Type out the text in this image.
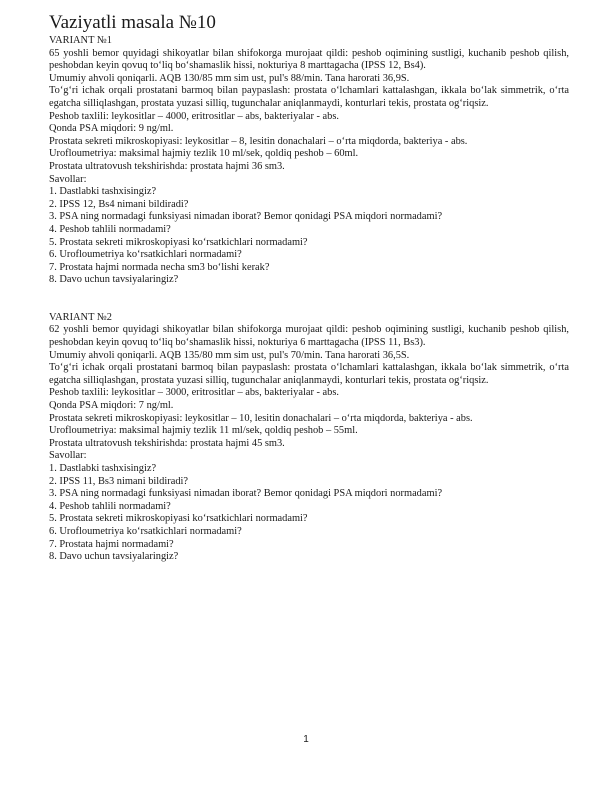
Vaziyatli masala №10

VARIANT №1

65 yoshli bemor quyidagi shikoyatlar bilan shifokorga murojaat qildi: peshob oqimining sustligi, kuchanib peshob qilish, peshobdan keyin qovuq to‘liq bo‘shamaslik hissi, nokturiya 8 marttagacha (IPSS 12, Bs4).

Umumiy ahvoli qoniqarli. AQB 130/85 mm sim ust, pul's 88/min. Tana harorati 36,9S.

To‘g‘ri ichak orqali prostatani barmoq bilan paypaslash: prostata o‘lchamlari kattalashgan, ikkala bo‘lak simmetrik, o‘rta egatcha silliqlashgan, prostata yuzasi silliq, tugunchalar aniqlanmaydi, konturlari tekis, prostata og‘riqsiz.

Peshob taxlili: leykositlar – 4000, eritrositlar – abs, bakteriyalar - abs.

Qonda PSA miqdori: 9 ng/ml.

Prostata sekreti mikroskopiyasi: leykositlar – 8, lesitin donachalari – o‘rta miqdorda, bakteriya - abs.

Urofloumetriya: maksimal hajmiy tezlik 10 ml/sek, qoldiq peshob – 60ml.

Prostata ultratovush tekshirishda: prostata hajmi 36 sm3.

Savollar:

1. Dastlabki tashxisingiz?

2. IPSS 12, Bs4 nimani bildiradi?

3. PSA ning normadagi funksiyasi nimadan iborat? Bemor qonidagi PSA miqdori normadami?

4. Peshob tahlili normadami?

5. Prostata sekreti mikroskopiyasi ko‘rsatkichlari normadami?

6. Urofloumetriya ko‘rsatkichlari normadami?

7. Prostata hajmi normada necha sm3 bo‘lishi kerak?

8. Davo uchun tavsiyalaringiz?

VARIANT №2

62 yoshli bemor quyidagi shikoyatlar bilan shifokorga murojaat qildi: peshob oqimining sustligi, kuchanib peshob qilish, peshobdan keyin qovuq to‘liq bo‘shamaslik hissi, nokturiya 6 marttagacha (IPSS 11, Bs3).

Umumiy ahvoli qoniqarli. AQB 135/80 mm sim ust, pul's 70/min. Tana harorati 36,5S.

To‘g‘ri ichak orqali prostatani barmoq bilan paypaslash: prostata o‘lchamlari kattalashgan, ikkala bo‘lak simmetrik, o‘rta egatcha silliqlashgan, prostata yuzasi silliq, tugunchalar aniqlanmaydi, konturlari tekis, prostata og‘riqsiz.

Peshob taxlili: leykositlar – 3000, eritrositlar – abs, bakteriyalar - abs.

Qonda PSA miqdori: 7 ng/ml.

Prostata sekreti mikroskopiyasi: leykositlar – 10, lesitin donachalari – o‘rta miqdorda, bakteriya - abs.

Urofloumetriya: maksimal hajmiy tezlik 11 ml/sek, qoldiq peshob – 55ml.

Prostata ultratovush tekshirishda: prostata hajmi 45 sm3.

Savollar:

1. Dastlabki tashxisingiz?

2. IPSS 11, Bs3 nimani bildiradi?

3. PSA ning normadagi funksiyasi nimadan iborat? Bemor qonidagi PSA miqdori normadami?

4. Peshob tahlili normadami?

5. Prostata sekreti mikroskopiyasi ko‘rsatkichlari normadami?

6. Urofloumetriya ko‘rsatkichlari normadami?

7. Prostata hajmi normadami?

8. Davo uchun tavsiyalaringiz?

1
